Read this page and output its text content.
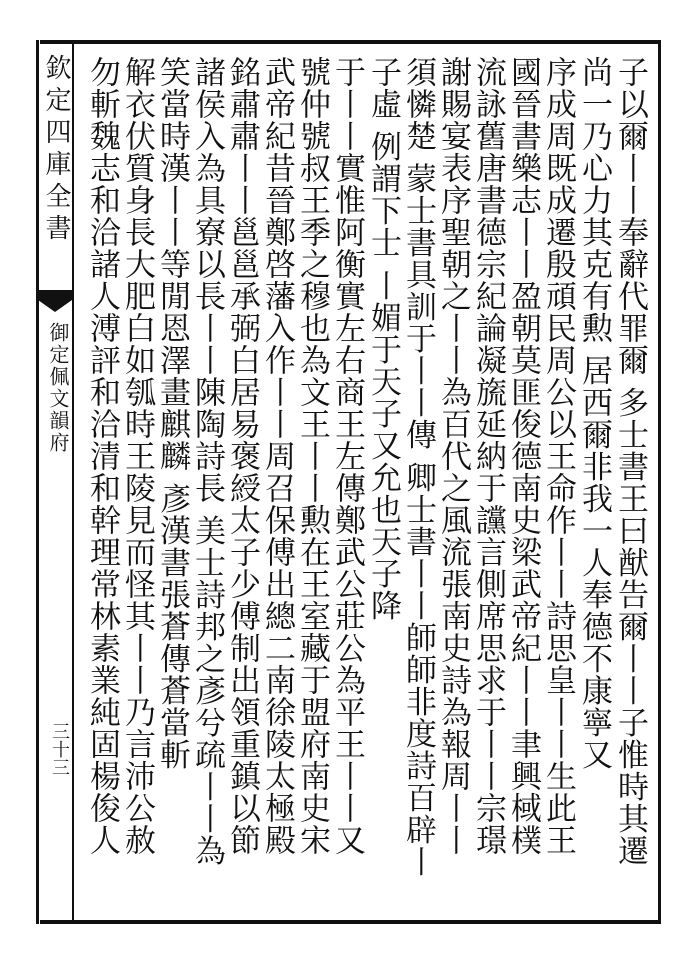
欽定四庫全書
御定佩文韻府
三十三	子以爾丨丨奉辭代罪爾 多士書王曰猷告爾丨丨子惟時其遷
尚一乃心力其克有勲 居西爾非我一人奉德不康寧又
序成周既成遷殷頑民周公以王命作丨丨詩思皇丨丨生此王
國晉書樂志丨丨盈朝莫匪俊德南史梁武帝紀丨丨聿興棫樸
流詠舊唐書德宗紀論凝旒延納于讜言側席思求于丨丨宗璟
謝賜宴表序聖朝之丨丨為百代之風流張南史詩為報周丨丨
須憐楚 蒙士書具訓于丨丨傳 卿士書丨丨師師非度詩百辟丨
子虛 例謂下士 丨媚于天子又允也天子降
于丨丨實惟阿衡實左右商王左傳鄭武公莊公為平王丨丨又
號仲號叔王季之穆也為文王丨丨勲在王室藏于盟府南史宋
武帝紀昔晉鄭啓藩入作丨丨周召保傅出總二南徐陵太極殿
銘肅肅丨丨邕邕承弼白居易褒綬太子少傅制出領重鎮以節
諸侯入為具寮以長丨丨陳陶詩長 美士詩邦之彥兮疏丨丨為
笑當時漢丨丨等閒恩澤畫麒麟 彥漢書張蒼傳蒼當斬
解衣伏質身長大肥白如瓠時王陵見而怪其丨丨乃言沛公赦
勿斬魏志和洽諸人溥評和洽清和幹理常林素業純固楊俊人
